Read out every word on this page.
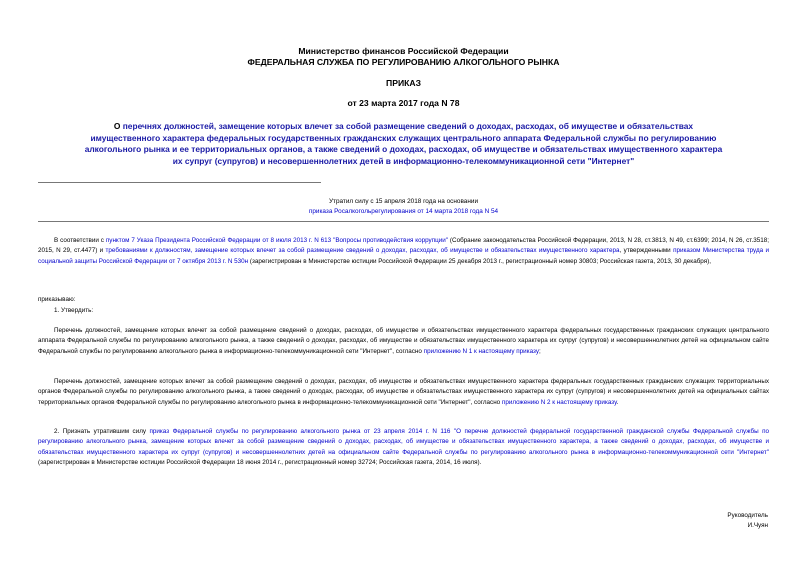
Министерство финансов Российской Федерации
ФЕДЕРАЛЬНАЯ СЛУЖБА ПО РЕГУЛИРОВАНИЮ АЛКОГОЛЬНОГО РЫНКА
ПРИКАЗ
от 23 марта 2017 года N 78
О перечнях должностей, замещение которых влечет за собой размещение сведений о доходах, расходах, об имуществе и обязательствах имущественного характера федеральных государственных гражданских служащих центрального аппарата Федеральной службы по регулированию алкогольного рынка и ее территориальных органов, а также сведений о доходах, расходах, об имуществе и обязательствах имущественного характера их супруг (супругов) и несовершеннолетних детей в информационно-телекоммуникационной сети "Интернет"
Утратил силу с 15 апреля 2018 года на основании
приказа Росалкогольрегулирования от 14 марта 2018 года N 54
В соответствии с пунктом 7 Указа Президента Российской Федерации от 8 июля 2013 г. N 613 "Вопросы противодействия коррупции" (Собрание законодательства Российской Федерации, 2013, N 28, ст.3813, N 49, ст.6399; 2014, N 26, ст.3518; 2015, N 29, ст.4477) и требованиями к должностям, замещение которых влечет за собой размещение сведений о доходах, расходах, об имуществе и обязательствах имущественного характера, утвержденными приказом Министерства труда и социальной защиты Российской Федерации от 7 октября 2013 г. N 530н (зарегистрирован в Министерстве юстиции Российской Федерации 25 декабря 2013 г., регистрационный номер 30803; Российская газета, 2013, 30 декабря),
приказываю:
1. Утвердить:
Перечень должностей, замещение которых влечет за собой размещение сведений о доходах, расходах, об имуществе и обязательствах имущественного характера федеральных государственных гражданских служащих центрального аппарата Федеральной службы по регулированию алкогольного рынка, а также сведений о доходах, расходах, об имуществе и обязательствах имущественного характера их супруг (супругов) и несовершеннолетних детей на официальном сайте Федеральной службы по регулированию алкогольного рынка в информационно-телекоммуникационной сети "Интернет", согласно приложению N 1 к настоящему приказу;
Перечень должностей, замещение которых влечет за собой размещение сведений о доходах, расходах, об имуществе и обязательствах имущественного характера федеральных государственных гражданских служащих территориальных органов Федеральной службы по регулированию алкогольного рынка, а также сведений о доходах, расходах, об имуществе и обязательствах имущественного характера их супруг (супругов) и несовершеннолетних детей на официальных сайтах территориальных органов Федеральной службы по регулированию алкогольного рынка в информационно-телекоммуникационной сети "Интернет", согласно приложению N 2 к настоящему приказу.
2. Признать утратившим силу приказ Федеральной службы по регулированию алкогольного рынка от 23 апреля 2014 г. N 116 "О перечне должностей федеральной государственной гражданской службы Федеральной службы по регулированию алкогольного рынка, замещение которых влечет за собой размещение сведений о доходах, расходах, об имуществе и обязательствах имущественного характера, а также сведений о доходах, расходах, об имуществе и обязательствах имущественного характера их супруг (супругов) и несовершеннолетних детей на официальном сайте Федеральной службы по регулированию алкогольного рынка в информационно-телекоммуникационной сети "Интернет" (зарегистрирован в Министерстве юстиции Российской Федерации 18 июня 2014 г., регистрационный номер 32724; Российская газета, 2014, 16 июля).
Руководитель
И.Чуян
